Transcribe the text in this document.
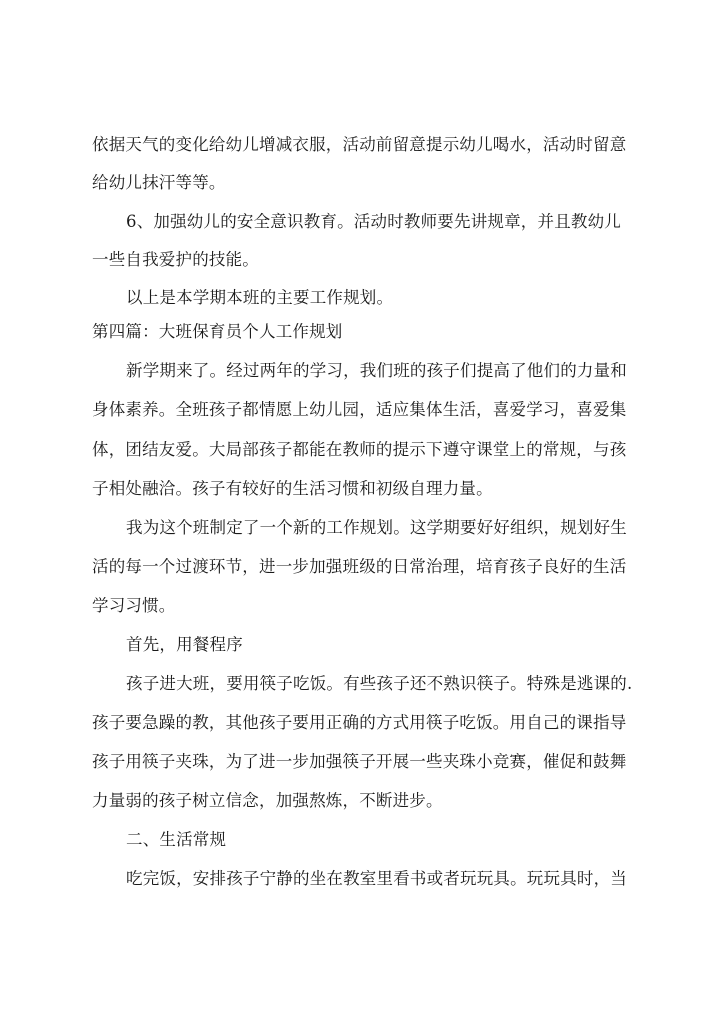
依据天气的变化给幼儿增减衣服，活动前留意提示幼儿喝水，活动时留意
给幼儿抹汗等等。
6、加强幼儿的安全意识教育。活动时教师要先讲规章，并且教幼儿
一些自我爱护的技能。
以上是本学期本班的主要工作规划。
第四篇：大班保育员个人工作规划
新学期来了。经过两年的学习，我们班的孩子们提高了他们的力量和
身体素养。全班孩子都情愿上幼儿园，适应集体生活，喜爱学习，喜爱集
体，团结友爱。大局部孩子都能在教师的提示下遵守课堂上的常规，与孩
子相处融洽。孩子有较好的生活习惯和初级自理力量。
我为这个班制定了一个新的工作规划。这学期要好好组织，规划好生
活的每一个过渡环节，进一步加强班级的日常治理，培育孩子良好的生活
学习习惯。
首先，用餐程序
孩子进大班，要用筷子吃饭。有些孩子还不熟识筷子。特殊是逃课的.
孩子要急躁的教，其他孩子要用正确的方式用筷子吃饭。用自己的课指导
孩子用筷子夹珠，为了进一步加强筷子开展一些夹珠小竞赛，催促和鼓舞
力量弱的孩子树立信念，加强熬炼，不断进步。
二、生活常规
吃完饭，安排孩子宁静的坐在教室里看书或者玩玩具。玩玩具时，当
